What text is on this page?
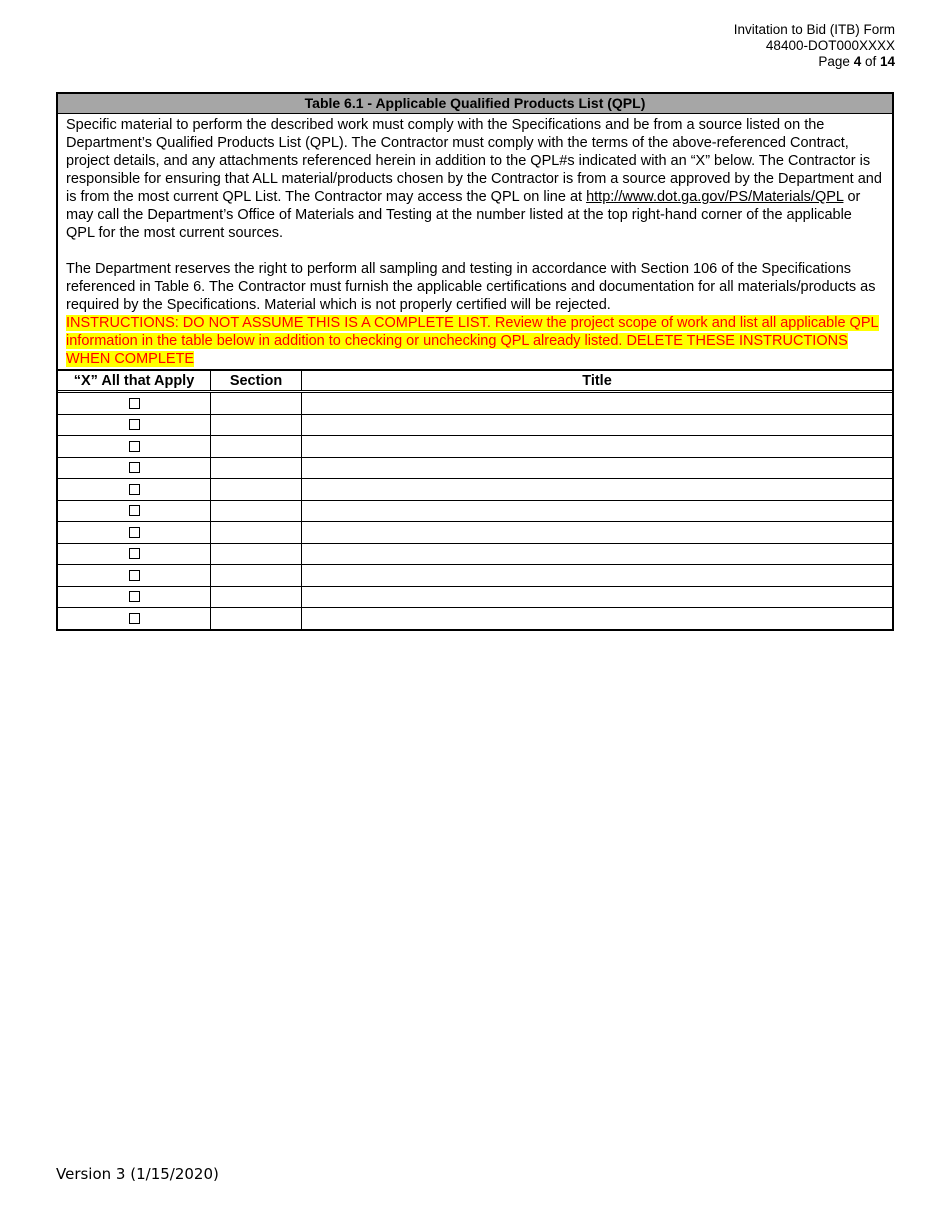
Invitation to Bid (ITB) Form
48400-DOT000XXXX
Page 4 of 14
Table 6.1 - Applicable Qualified Products List (QPL)

Specific material to perform the described work must comply with the Specifications and be from a source listed on the Department’s Qualified Products List (QPL). The Contractor must comply with the terms of the above-referenced Contract, project details, and any attachments referenced herein in addition to the QPL#s indicated with an “X” below. The Contractor is responsible for ensuring that ALL material/products chosen by the Contractor is from a source approved by the Department and is from the most current QPL List. The Contractor may access the QPL on line at http://www.dot.ga.gov/PS/Materials/QPL or may call the Department’s Office of Materials and Testing at the number listed at the top right-hand corner of the applicable QPL for the most current sources.

The Department reserves the right to perform all sampling and testing in accordance with Section 106 of the Specifications referenced in Table 6. The Contractor must furnish the applicable certifications and documentation for all materials/products as required by the Specifications. Material which is not properly certified will be rejected.

INSTRUCTIONS: DO NOT ASSUME THIS IS A COMPLETE LIST. Review the project scope of work and list all applicable QPL information in the table below in addition to checking or unchecking QPL already listed. DELETE THESE INSTRUCTIONS WHEN COMPLETE

“X” All that Apply	Section	Title

Version 3 (1/15/2020)
